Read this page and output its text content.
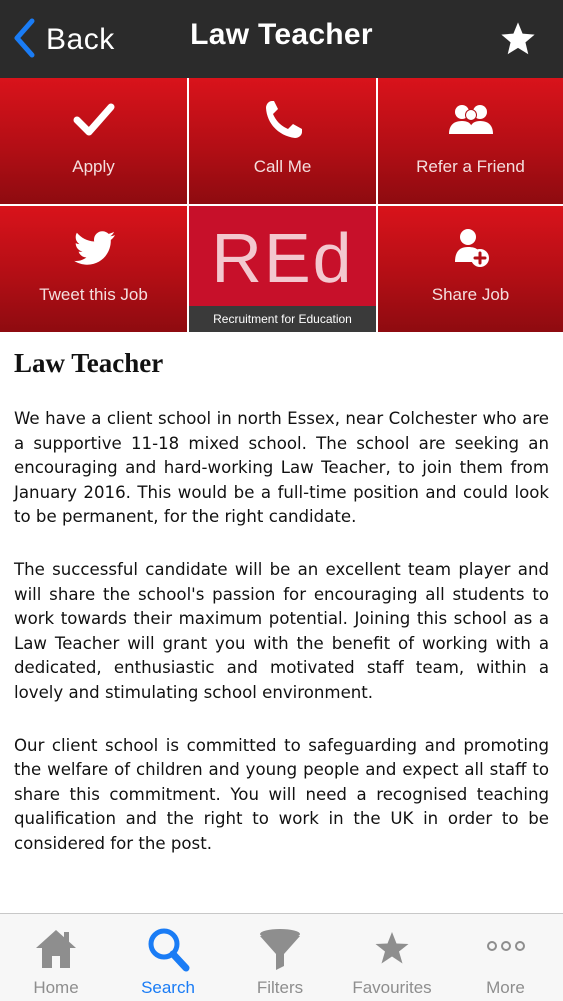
Back	Law Teacher
Apply	Call Me	Refer a Friend
Tweet this Job REd
Recruitment for Education
Share Job
Law Teacher

We have a client school in north Essex, near Colchester who are a supportive 11-18 mixed school. The school are seeking an encouraging and hard-working Law Teacher, to join them from January 2016. This would be a full-time position and could look to be permanent, for the right candidate.

The successful candidate will be an excellent team player and will share the school's passion for encouraging all students to work towards their maximum potential. Joining this school as a Law Teacher will grant you with the benefit of working with a dedicated, enthusiastic and motivated staff team, within a lovely and stimulating school environment.

Our client school is committed to safeguarding and promoting the welfare of children and young people and expect all staff to share this commitment. You will need a recognised teaching qualification and the right to work in the UK in order to be considered for the post.

Home	Search	Filters	Favourites	More
